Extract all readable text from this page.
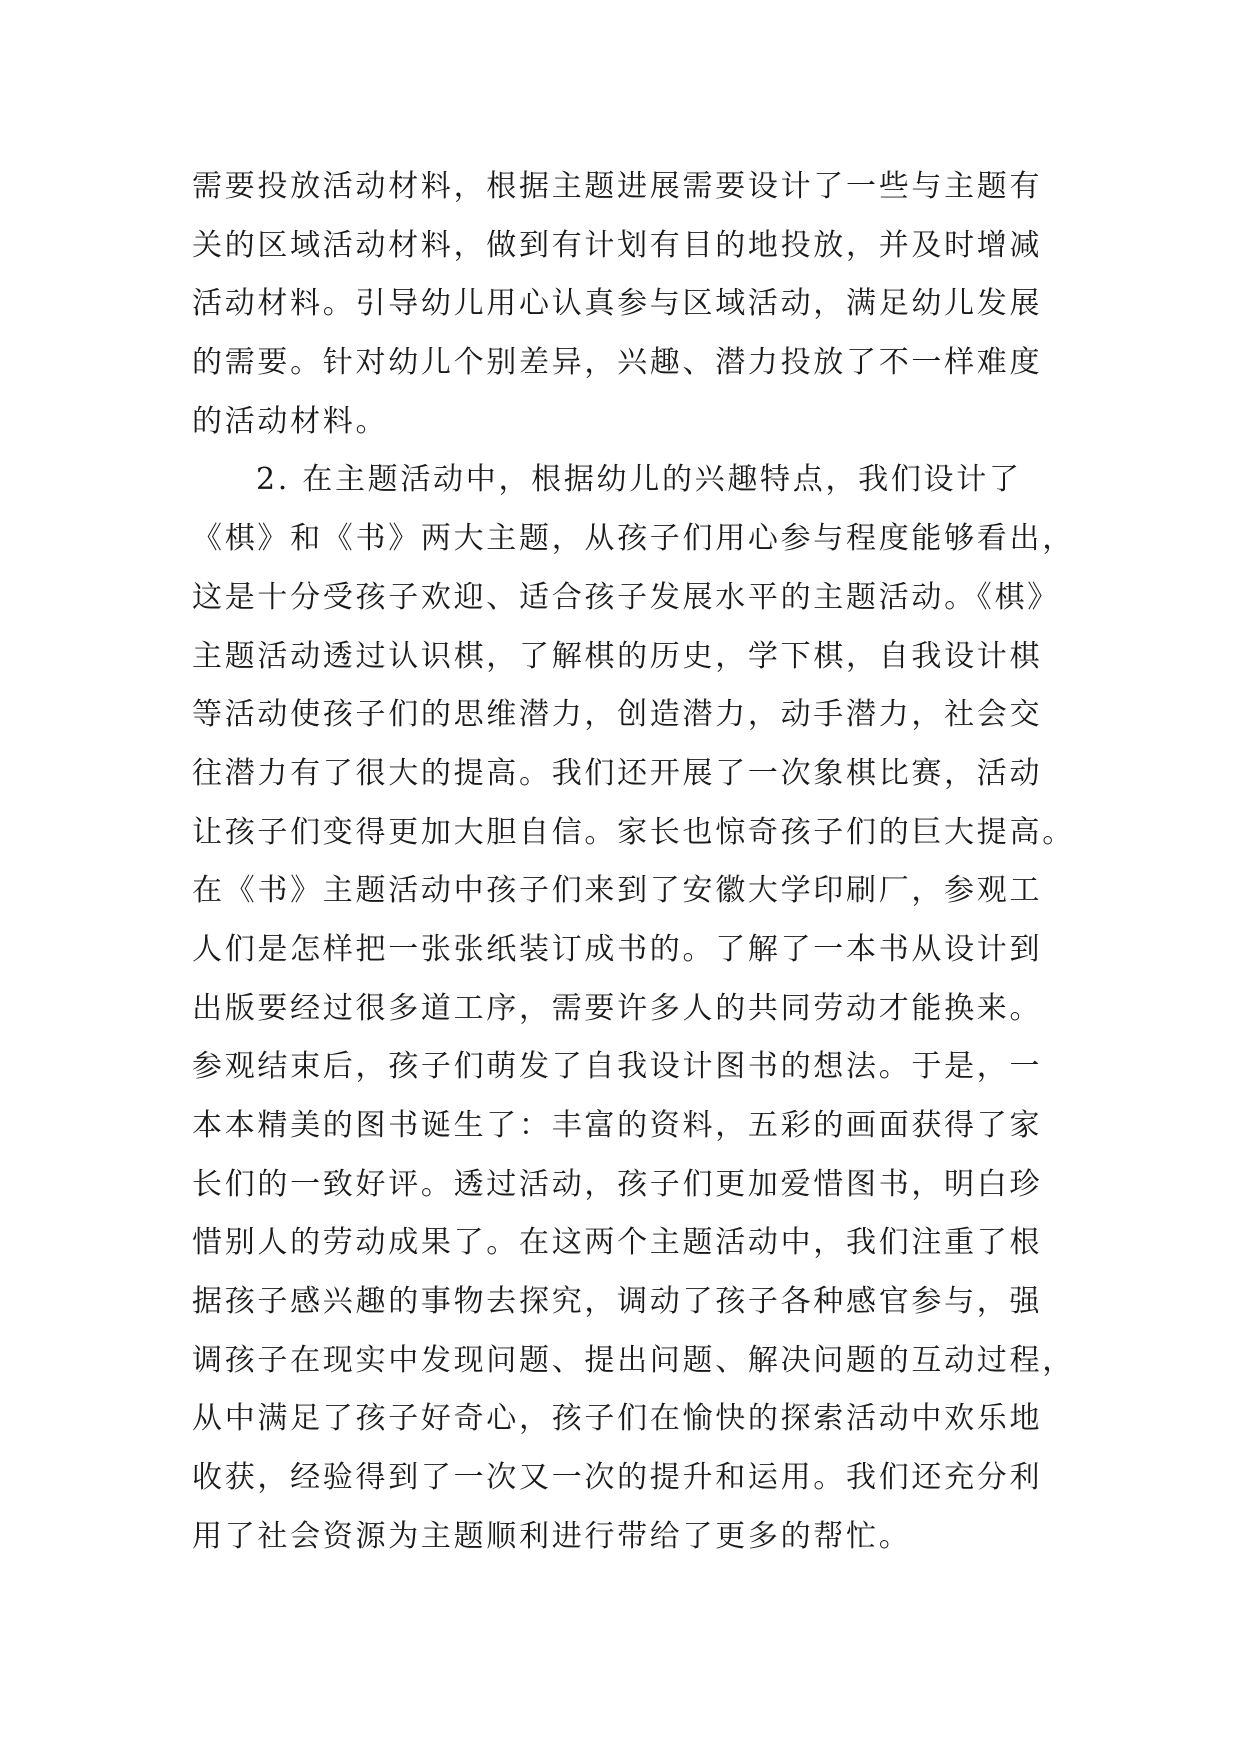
需要投放活动材料，根据主题进展需要设计了一些与主题有
关的区域活动材料，做到有计划有目的地投放，并及时增减
活动材料。引导幼儿用心认真参与区域活动，满足幼儿发展
的需要。针对幼儿个别差异，兴趣、潜力投放了不一样难度
的活动材料。
2. 在主题活动中，根据幼儿的兴趣特点，我们设计了
《棋》和《书》两大主题，从孩子们用心参与程度能够看出，
这是十分受孩子欢迎、适合孩子发展水平的主题活动。《棋》
主题活动透过认识棋，了解棋的历史，学下棋，自我设计棋
等活动使孩子们的思维潜力，创造潜力，动手潜力，社会交
往潜力有了很大的提高。我们还开展了一次象棋比赛，活动
让孩子们变得更加大胆自信。家长也惊奇孩子们的巨大提高。
在《书》主题活动中孩子们来到了安徽大学印刷厂，参观工
人们是怎样把一张张纸装订成书的。了解了一本书从设计到
出版要经过很多道工序，需要许多人的共同劳动才能换来。
参观结束后，孩子们萌发了自我设计图书的想法。于是，一
本本精美的图书诞生了：丰富的资料，五彩的画面获得了家
长们的一致好评。透过活动，孩子们更加爱惜图书，明白珍
惜别人的劳动成果了。在这两个主题活动中，我们注重了根
据孩子感兴趣的事物去探究，调动了孩子各种感官参与，强
调孩子在现实中发现问题、提出问题、解决问题的互动过程，
从中满足了孩子好奇心，孩子们在愉快的探索活动中欢乐地
收获，经验得到了一次又一次的提升和运用。我们还充分利
用了社会资源为主题顺利进行带给了更多的帮忙。
